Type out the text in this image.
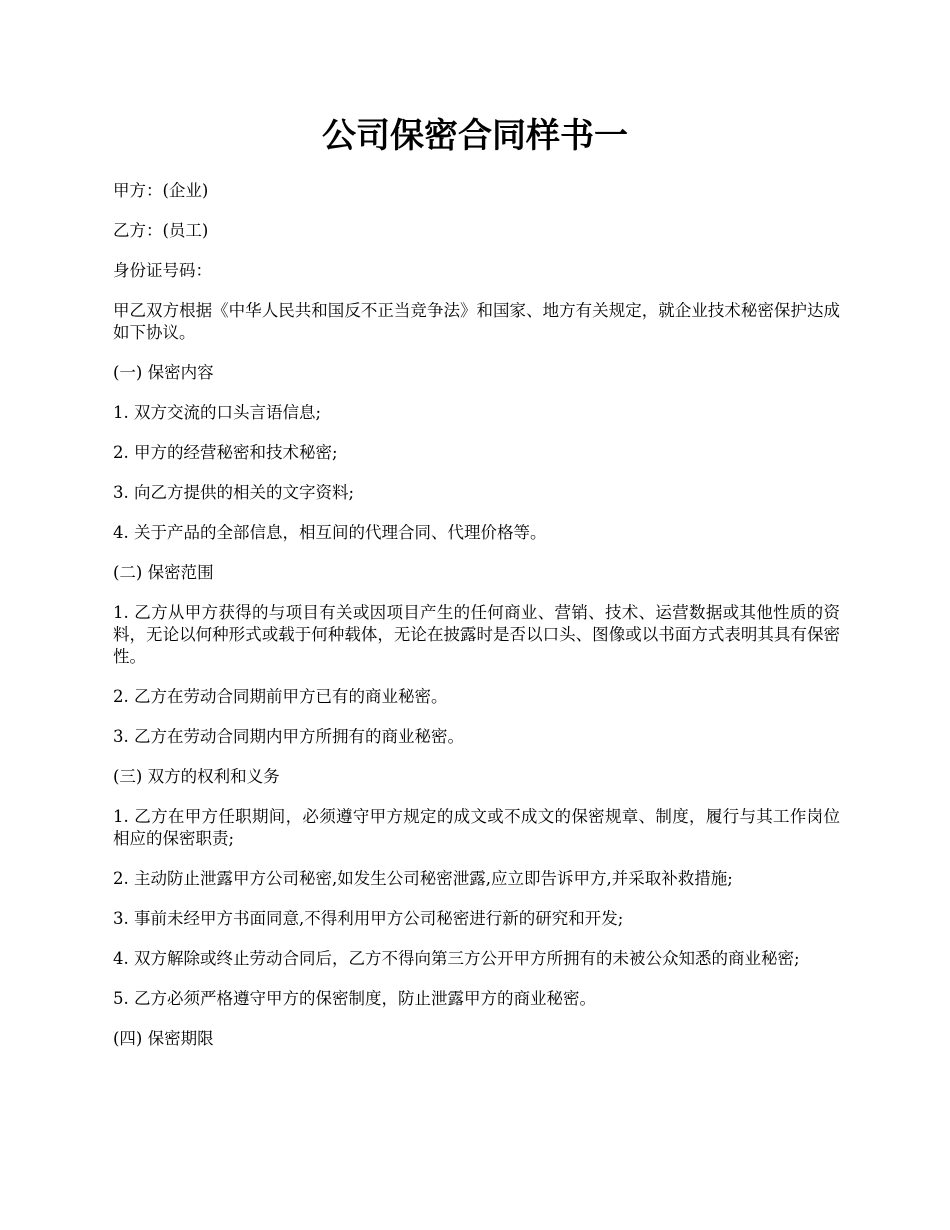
公司保密合同样书一

甲方：(企业)

乙方：(员工)

身份证号码：

甲乙双方根据《中华人民共和国反不正当竞争法》和国家、地方有关规定，就企业技术秘密保护达成如下协议。

(一) 保密内容

1. 双方交流的口头言语信息;

2. 甲方的经营秘密和技术秘密;

3. 向乙方提供的相关的文字资料;

4. 关于产品的全部信息，相互间的代理合同、代理价格等。

(二) 保密范围

1. 乙方从甲方获得的与项目有关或因项目产生的任何商业、营销、技术、运营数据或其他性质的资料，无论以何种形式或载于何种载体，无论在披露时是否以口头、图像或以书面方式表明其具有保密性。

2. 乙方在劳动合同期前甲方已有的商业秘密。

3. 乙方在劳动合同期内甲方所拥有的商业秘密。

(三) 双方的权利和义务

1. 乙方在甲方任职期间，必须遵守甲方规定的成文或不成文的保密规章、制度，履行与其工作岗位相应的保密职责;

2. 主动防止泄露甲方公司秘密,如发生公司秘密泄露,应立即告诉甲方,并采取补救措施;

3. 事前未经甲方书面同意,不得利用甲方公司秘密进行新的研究和开发;

4. 双方解除或终止劳动合同后，乙方不得向第三方公开甲方所拥有的未被公众知悉的商业秘密;

5. 乙方必须严格遵守甲方的保密制度，防止泄露甲方的商业秘密。

(四) 保密期限
